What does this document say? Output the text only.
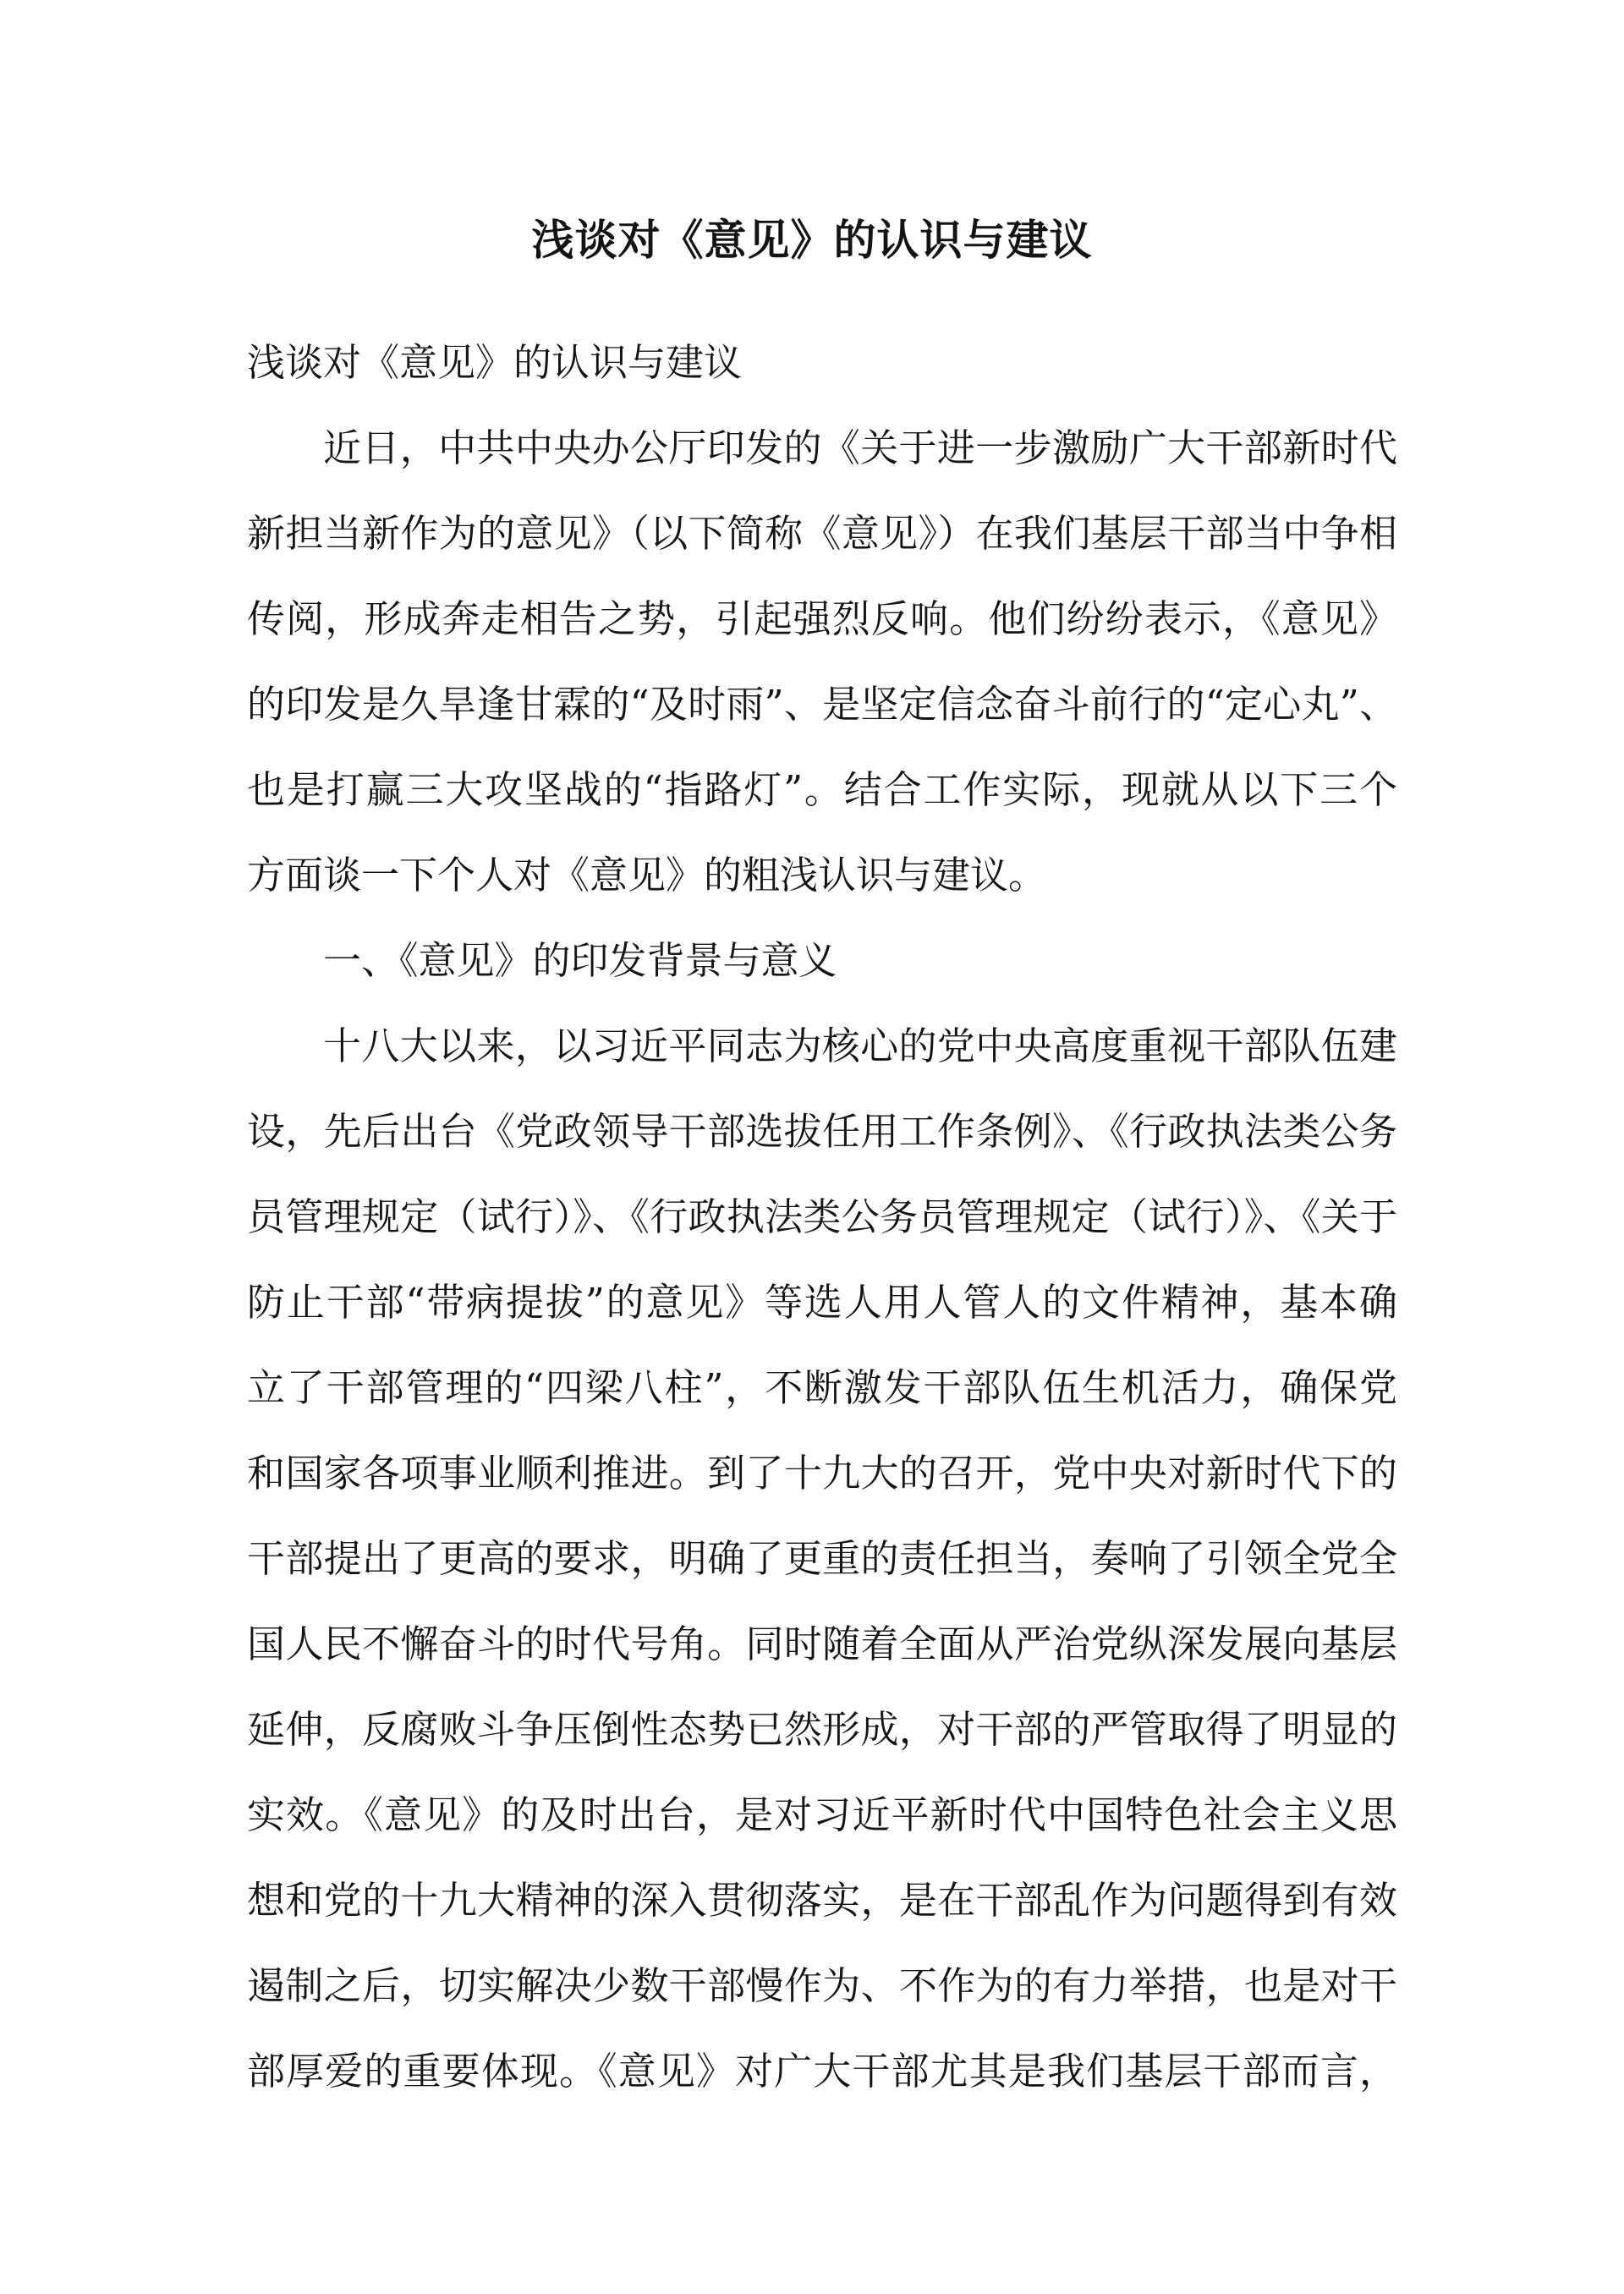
浅谈对《意见》的认识与建议
浅谈对《意见》的认识与建议
近日，中共中央办公厅印发的《关于进一步激励广大干部新时代
新担当新作为的意见》（以下简称《意见》）在我们基层干部当中争相
传阅，形成奔走相告之势，引起强烈反响。他们纷纷表示，《意见》
的印发是久旱逢甘霖的“及时雨”、是坚定信念奋斗前行的“定心丸”、
也是打赢三大攻坚战的“指路灯”。结合工作实际，现就从以下三个
方面谈一下个人对《意见》的粗浅认识与建议。
一、《意见》的印发背景与意义
十八大以来，以习近平同志为核心的党中央高度重视干部队伍建
设，先后出台《党政领导干部选拔任用工作条例》、《行政执法类公务
员管理规定（试行）》、《行政执法类公务员管理规定（试行）》、《关于
防止干部“带病提拔”的意见》等选人用人管人的文件精神，基本确
立了干部管理的“四梁八柱”，不断激发干部队伍生机活力，确保党
和国家各项事业顺利推进。到了十九大的召开，党中央对新时代下的
干部提出了更高的要求，明确了更重的责任担当，奏响了引领全党全
国人民不懈奋斗的时代号角。同时随着全面从严治党纵深发展向基层
延伸，反腐败斗争压倒性态势已然形成，对干部的严管取得了明显的
实效。《意见》的及时出台，是对习近平新时代中国特色社会主义思
想和党的十九大精神的深入贯彻落实，是在干部乱作为问题得到有效
遏制之后，切实解决少数干部慢作为、不作为的有力举措，也是对干
部厚爱的重要体现。《意见》对广大干部尤其是我们基层干部而言，
